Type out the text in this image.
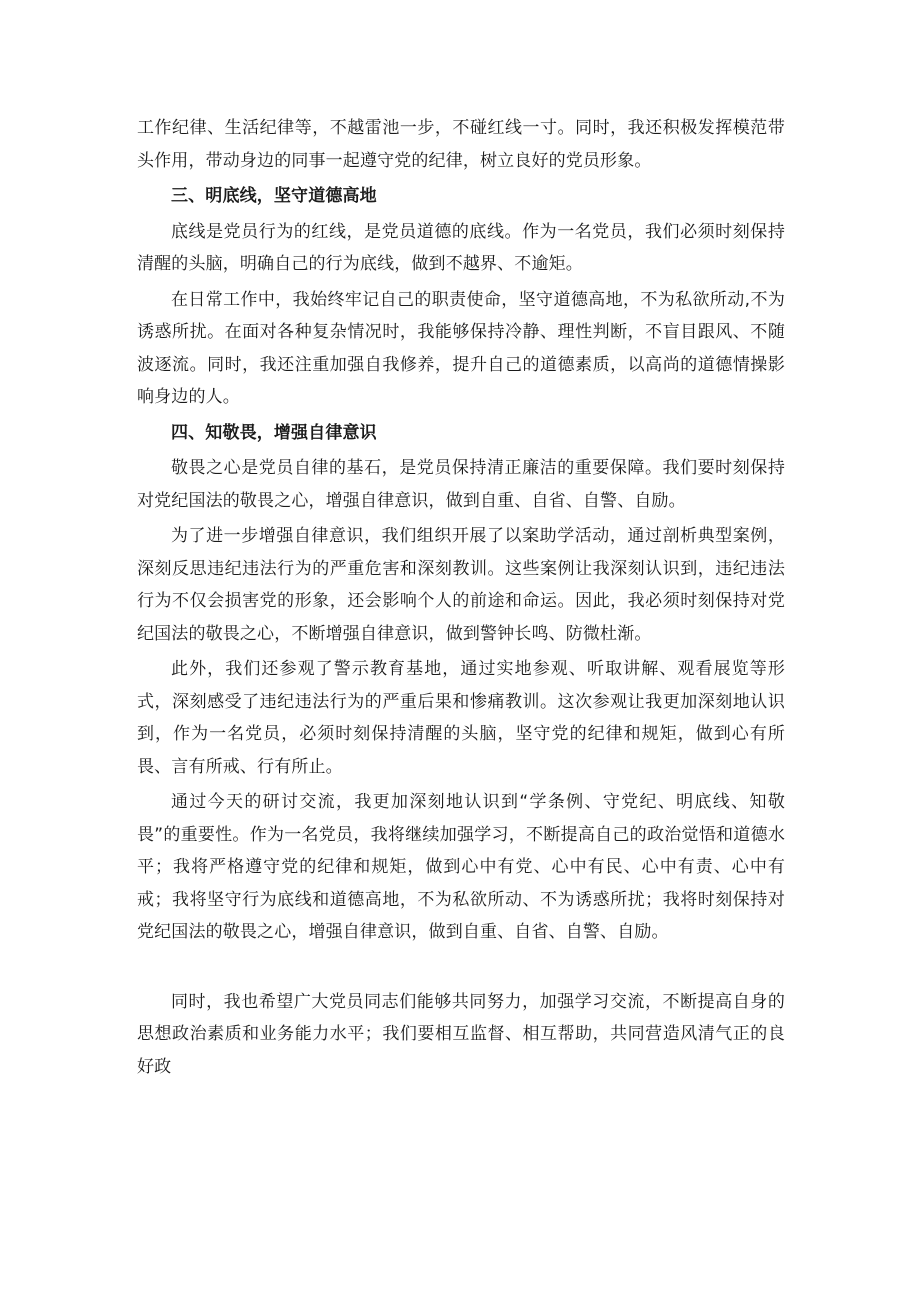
工作纪律、生活纪律等，不越雷池一步，不碰红线一寸。同时，我还积极发挥模范带头作用，带动身边的同事一起遵守党的纪律，树立良好的党员形象。

三、明底线，坚守道德高地

底线是党员行为的红线，是党员道德的底线。作为一名党员，我们必须时刻保持清醒的头脑，明确自己的行为底线，做到不越界、不逾矩。

在日常工作中，我始终牢记自己的职责使命，坚守道德高地，不为私欲所动,不为诱惑所扰。在面对各种复杂情况时，我能够保持冷静、理性判断，不盲目跟风、不随波逐流。同时，我还注重加强自我修养，提升自己的道德素质，以高尚的道德情操影响身边的人。

四、知敬畏，增强自律意识

敬畏之心是党员自律的基石，是党员保持清正廉洁的重要保障。我们要时刻保持对党纪国法的敬畏之心，增强自律意识，做到自重、自省、自警、自励。

为了进一步增强自律意识，我们组织开展了以案助学活动，通过剖析典型案例，深刻反思违纪违法行为的严重危害和深刻教训。这些案例让我深刻认识到，违纪违法行为不仅会损害党的形象，还会影响个人的前途和命运。因此，我必须时刻保持对党纪国法的敬畏之心，不断增强自律意识，做到警钟长鸣、防微杜渐。

此外，我们还参观了警示教育基地，通过实地参观、听取讲解、观看展览等形式，深刻感受了违纪违法行为的严重后果和惨痛教训。这次参观让我更加深刻地认识到，作为一名党员，必须时刻保持清醒的头脑，坚守党的纪律和规矩，做到心有所畏、言有所戒、行有所止。

通过今天的研讨交流，我更加深刻地认识到“学条例、守党纪、明底线、知敬畏”的重要性。作为一名党员，我将继续加强学习，不断提高自己的政治觉悟和道德水平；我将严格遵守党的纪律和规矩，做到心中有党、心中有民、心中有责、心中有戒；我将坚守行为底线和道德高地，不为私欲所动、不为诱惑所扰；我将时刻保持对党纪国法的敬畏之心，增强自律意识，做到自重、自省、自警、自励。

同时，我也希望广大党员同志们能够共同努力，加强学习交流，不断提高自身的思想政治素质和业务能力水平；我们要相互监督、相互帮助，共同营造风清气正的良好政
